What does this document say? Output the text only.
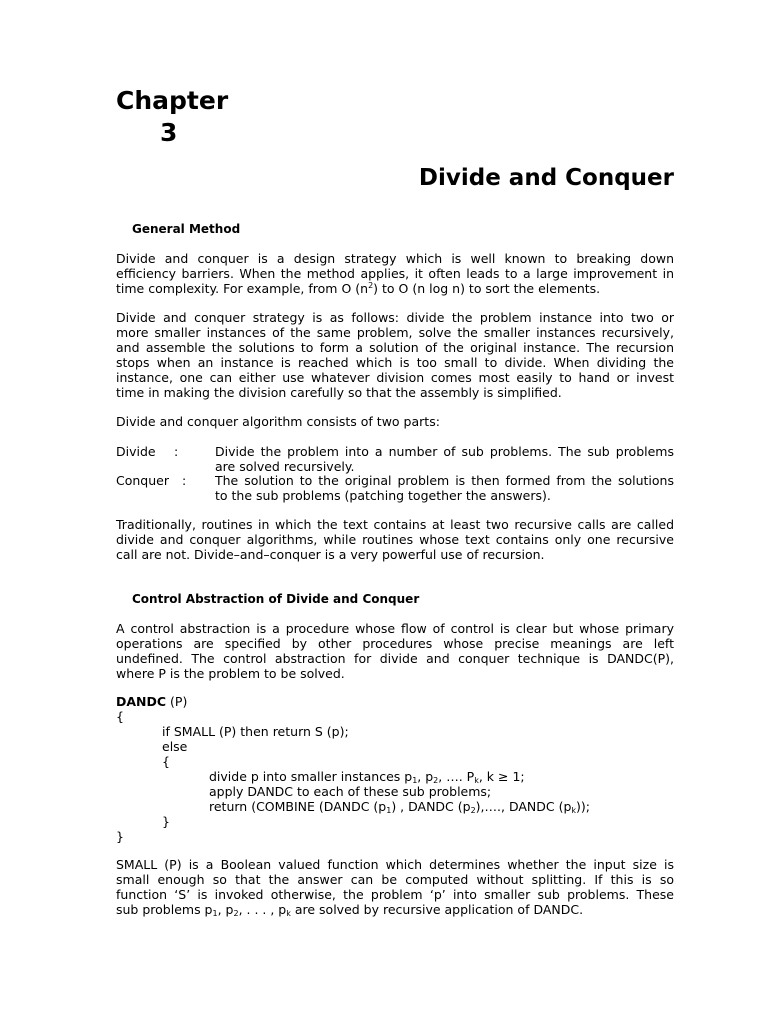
Chapter
3
Divide and Conquer
General Method
Divide and conquer is a design strategy which is well known to breaking down
efficiency barriers. When the method applies, it often leads to a large improvement in
time complexity. For example, from O $(n^2)$ to O (n log n) to sort the elements.
Divide and conquer strategy is as follows: divide the problem instance into two or
more smaller instances of the same problem, solve the smaller instances recursively,
and assemble the solutions to form a solution of the original instance. The recursion
stops when an instance is reached which is too small to divide. When dividing the
instance, one can either use whatever division comes most easily to hand or invest
time in making the division carefully so that the assembly is simplified.
Divide and conquer algorithm consists of two parts:
Divide	:	Divide the problem into a number of sub problems. The sub problems
are solved recursively.
Conquer	: The solution to the original problem is then formed from the solutions
to the sub problems (patching together the answers).
Traditionally, routines in which the text contains at least two recursive calls are called
divide and conquer algorithms, while routines whose text contains only one recursive
call are not. Divide–and–conquer is a very powerful use of recursion.
Control Abstraction of Divide and Conquer
A control abstraction is a procedure whose flow of control is clear but whose primary
operations are specified by other procedures whose precise meanings are left
undefined. The control abstraction for divide and conquer technique is DANDC(P),
where P is the problem to be solved.
DANDC (P)
{
if SMALL (P) then return S (p);
else
{
divide p into smaller instances $p_1$, $p_2$, …. $P_k$, k ≥ 1;
apply DANDC to each of these sub problems;
return (COMBINE (DANDC $(p_1)$ , DANDC $(p_2),\dots$., DANDC $(p_k)$);
}
}
SMALL (P) is a Boolean valued function which determines whether the input size is
small enough so that the answer can be computed without splitting. If this is so
function ‘S’ is invoked otherwise, the problem ‘p’ into smaller sub problems. These
sub problems $p_1$, $p_2$, . . . , $p_k$ are solved by recursive application of DANDC.
